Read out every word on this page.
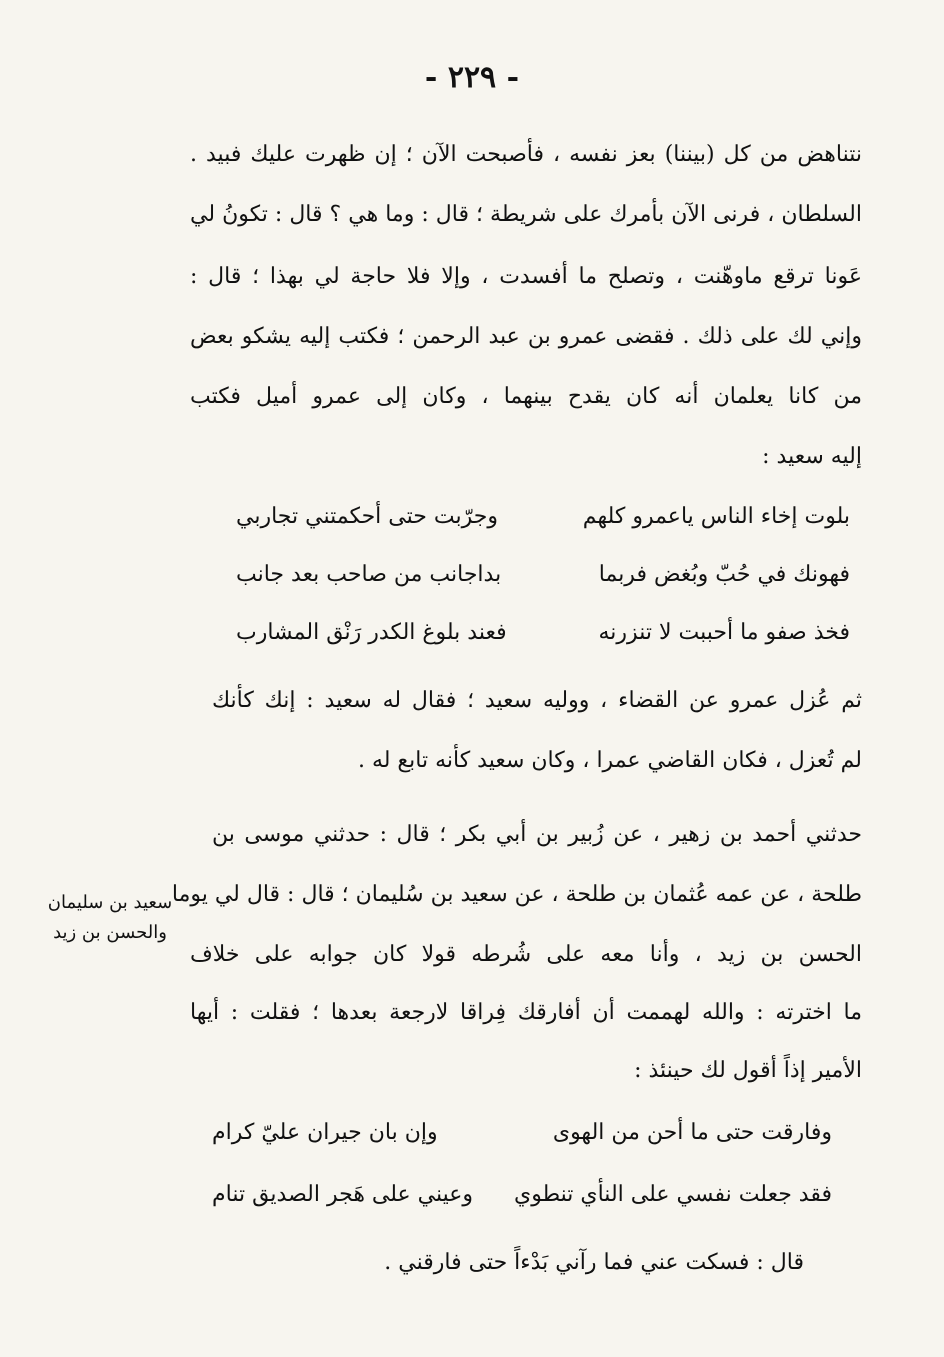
- ٢٢٩ -
نتناهض من كل (بيننا) بعز نفسه ، فأصبحت الآن ؛ إن ظهرت عليك فبيد .
السلطان ، فرنى الآن بأمرك على شريطة ؛ قال : وما هي ؟ قال : تكونُ لي
عَونا ترقع ماوهّنت ، وتصلح ما أفسدت ، وإلا فلا حاجة لي بهذا ؛ قال :
وإني لك على ذلك . فقضى عمرو بن عبد الرحمن ؛ فكتب إليه يشكو بعض
من كانا يعلمان أنه كان يقدح بينهما ، وكان إلى عمرو أميل فكتب
إليه سعيد :
بلوت إخاء الناس ياعمرو كلهم
وجرّبت حتى أحكمتني تجاربي
فهونك في حُبّ وبُغض فربما
بداجانب من صاحب بعد جانب
فخذ صفو ما أحببت لا تنزرنه
فعند بلوغ الكدر رَنْق المشارب
ثم عُزل عمرو عن القضاء ، ووليه سعيد ؛ فقال له سعيد : إنك كأنك
لم تُعزل ، فكان القاضي عمرا ، وكان سعيد كأنه تابع له .
حدثني أحمد بن زهير ، عن زُبير بن أبي بكر ؛ قال : حدثني موسى بن
طلحة ، عن عمه عُثمان بن طلحة ، عن سعيد بن سُليمان ؛ قال : قال لي يوما
الحسن بن زيد ، وأنا معه على شُرطه قولا كان جوابه على خلاف
ما اخترته : والله لهممت أن أفارقك فِراقا لارجعة بعدها ؛ فقلت : أيها
الأمير إذاً أقول لك حينئذ :
وفارقت حتى ما أحن من الهوى
وإن بان جيران عليّ كرام
فقد جعلت نفسي على النأي تنطوي
وعيني على هَجر الصديق تنام
قال : فسكت عني فما رآني بَدْءاً حتى فارقني .
سعيد بن سليمان
والحسن بن زيد
